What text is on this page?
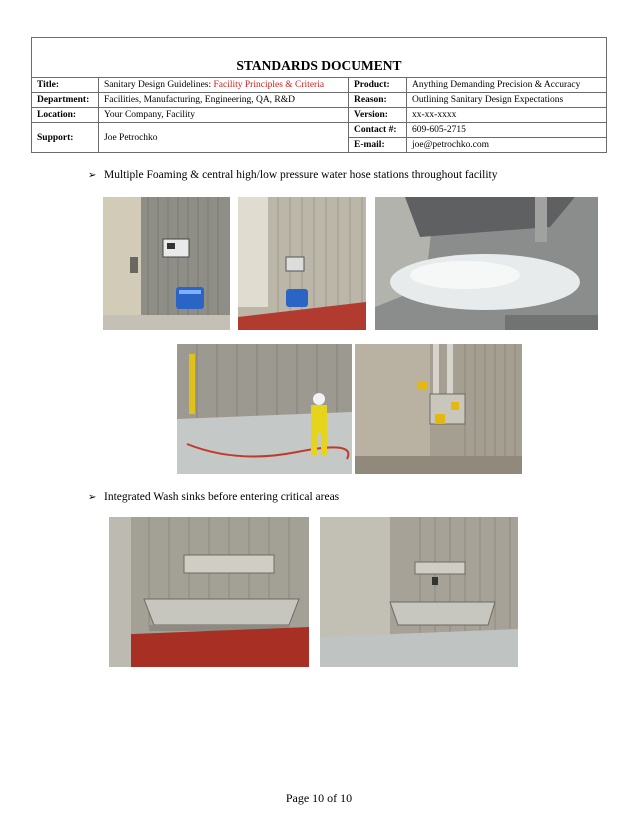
STANDARDS DOCUMENT			
Title:	Sanitary Design Guidelines: Facility Principles & Criteria	Product:	Anything Demanding Precision & Accuracy
Department:	Facilities, Manufacturing, Engineering, QA, R&D	Reason:	Outlining Sanitary Design Expectations
Location:	Your Company, Facility	Version:	xx-xx-xxxx
Support:	Joe Petrochko	Contact #:	609-605-2715
		E-mail:	joe@petrochko.com
➢ Multiple Foaming & central high/low pressure water hose stations throughout facility
➢ Integrated Wash sinks before entering critical areas
Page 10 of 10
